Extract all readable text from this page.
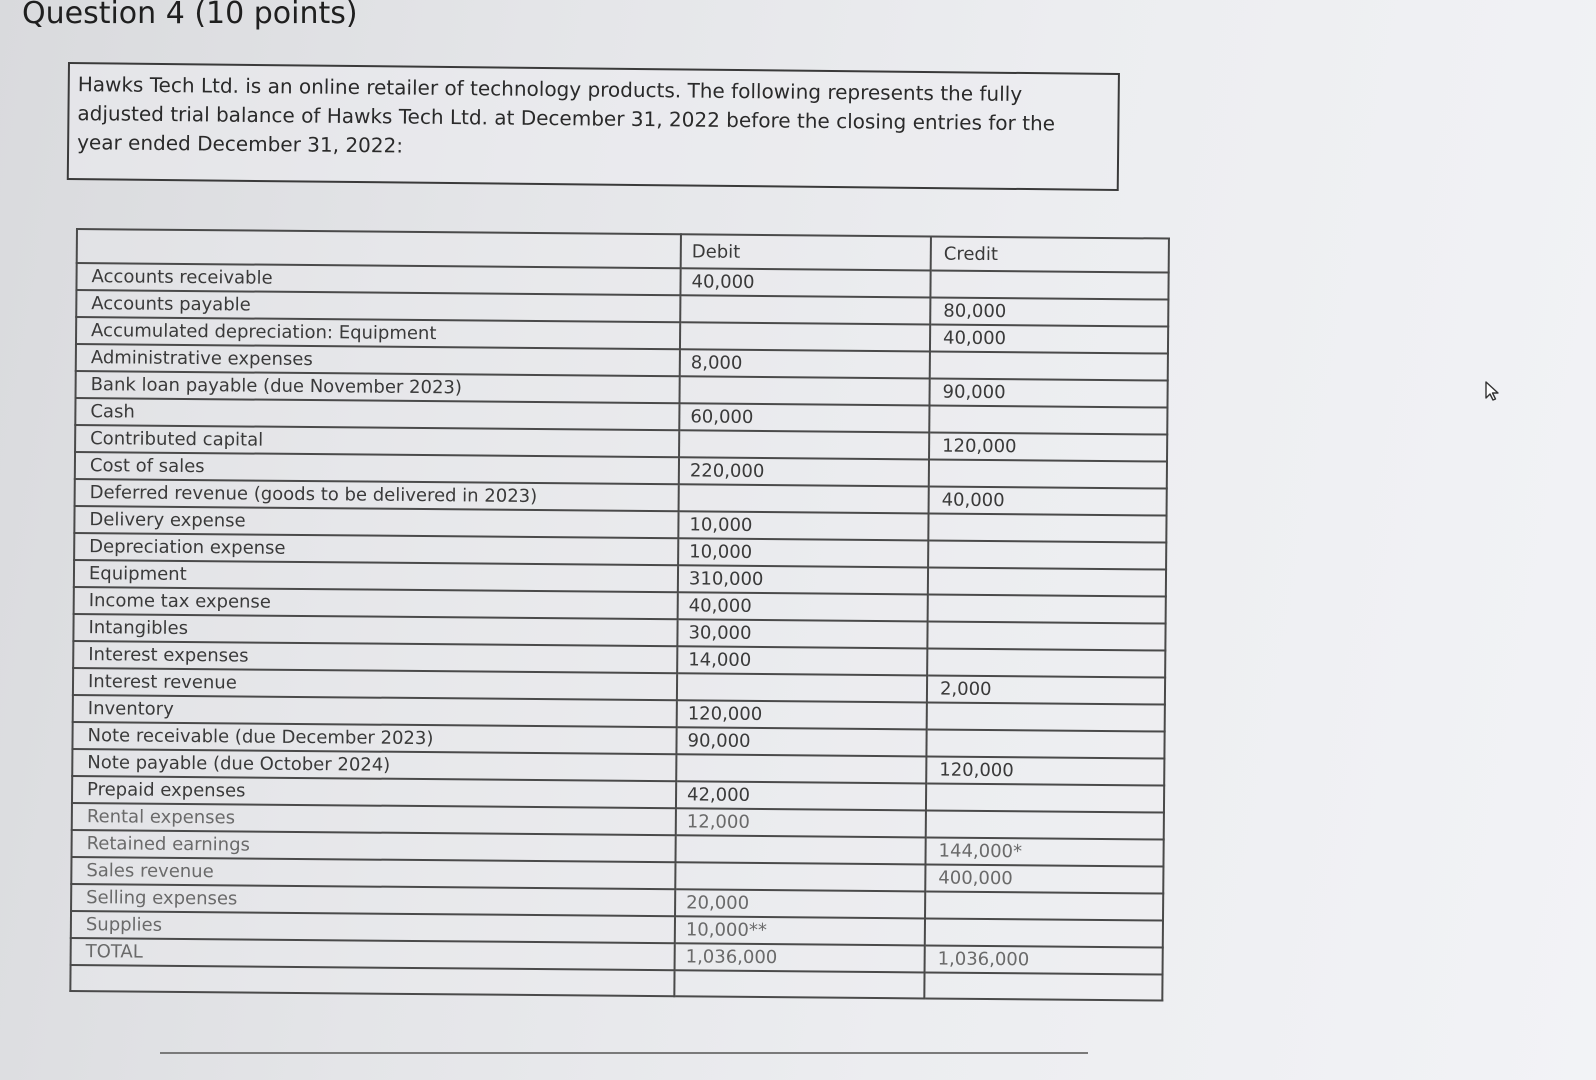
Question 4 (10 points)
Hawks Tech Ltd. is an online retailer of technology products. The following represents the fully adjusted trial balance of Hawks Tech Ltd. at December 31, 2022 before the closing entries for the year ended December 31, 2022:
	Debit	Credit
Accounts receivable	40,000	
Accounts payable		80,000
Accumulated depreciation: Equipment		40,000
Administrative expenses	8,000	
Bank loan payable (due November 2023)		90,000
Cash	60,000	
Contributed capital		120,000
Cost of sales	220,000	
Deferred revenue (goods to be delivered in 2023)		40,000
Delivery expense	10,000	
Depreciation expense	10,000	
Equipment	310,000	
Income tax expense	40,000	
Intangibles	30,000	
Interest expenses	14,000	
Interest revenue		2,000
Inventory	120,000	
Note receivable (due December 2023)	90,000	
Note payable (due October 2024)		120,000
Prepaid expenses	42,000	
Rental expenses	12,000	
Retained earnings		144,000*
Sales revenue		400,000
Selling expenses	20,000	
Supplies	10,000**	
TOTAL	1,036,000	1,036,000
